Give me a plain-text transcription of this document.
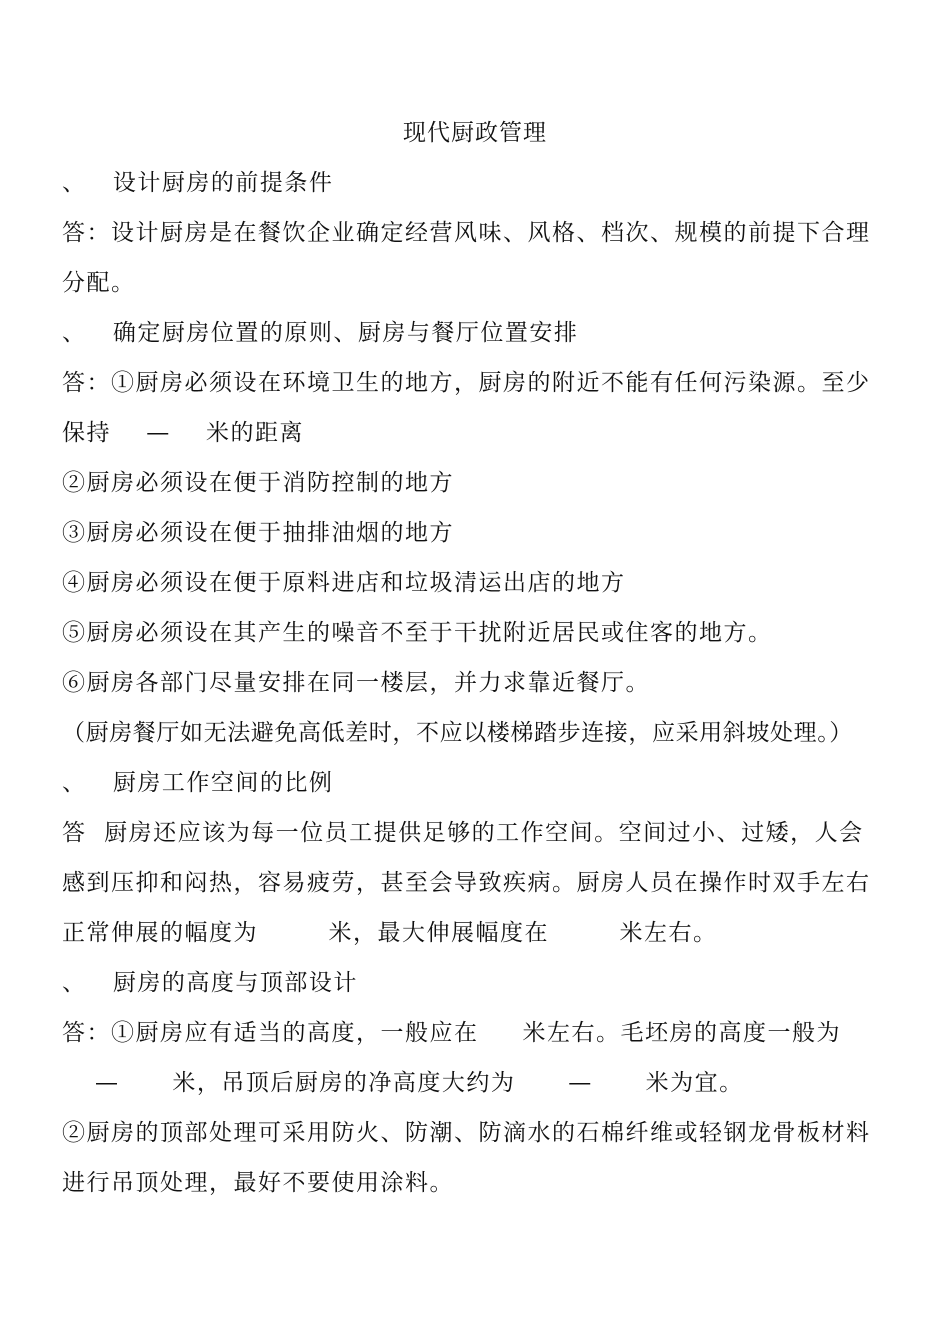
现代厨政管理
、   设计厨房的前提条件
答：设计厨房是在餐饮企业确定经营风味、风格、档次、规模的前提下合理
分配。
、   确定厨房位置的原则、厨房与餐厅位置安排
答：①厨房必须设在环境卫生的地方，厨房的附近不能有任何污染源。至少
保持    —    米的距离
②厨房必须设在便于消防控制的地方
③厨房必须设在便于抽排油烟的地方
④厨房必须设在便于原料进店和垃圾清运出店的地方
⑤厨房必须设在其产生的噪音不至于干扰附近居民或住客的地方。
⑥厨房各部门尽量安排在同一楼层，并力求靠近餐厅。
（厨房餐厅如无法避免高低差时，不应以楼梯踏步连接，应采用斜坡处理。）
、   厨房工作空间的比例
答  厨房还应该为每一位员工提供足够的工作空间。空间过小、过矮，人会
感到压抑和闷热，容易疲劳，甚至会导致疾病。厨房人员在操作时双手左右
正常伸展的幅度为        米，最大伸展幅度在        米左右。
、   厨房的高度与顶部设计
答：①厨房应有适当的高度，一般应在     米左右。毛坯房的高度一般为
—      米，吊顶后厨房的净高度大约为      —      米为宜。
②厨房的顶部处理可采用防火、防潮、防滴水的石棉纤维或轻钢龙骨板材料
进行吊顶处理，最好不要使用涂料。
